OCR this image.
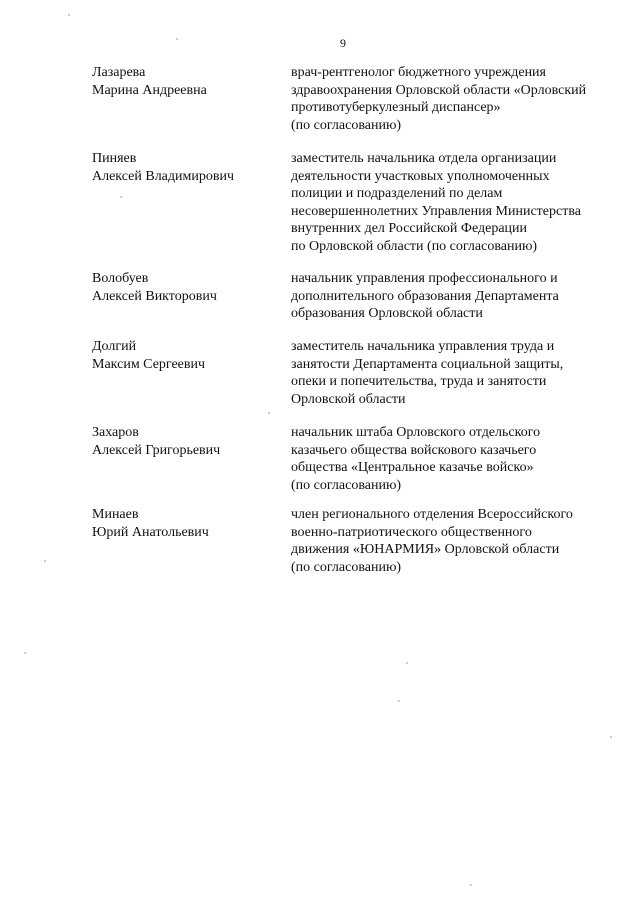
9
Лазарева
Марина Андреевна
врач-рентгенолог бюджетного учреждения
здравоохранения Орловской области «Орловский
противотуберкулезный диспансер»
(по согласованию)
Пиняев
Алексей Владимирович
заместитель начальника отдела организации
деятельности участковых уполномоченных
полиции и подразделений по делам
несовершеннолетних Управления Министерства
внутренних дел Российской Федерации
по Орловской области (по согласованию)
Волобуев
Алексей Викторович
начальник управления профессионального и
дополнительного образования Департамента
образования Орловской области
Долгий
Максим Сергеевич
заместитель начальника управления труда и
занятости Департамента социальной защиты,
опеки и попечительства, труда и занятости
Орловской области
Захаров
Алексей Григорьевич
начальник штаба Орловского отдельского
казачьего общества войскового казачьего
общества «Центральное казачье войско»
(по согласованию)
Минаев
Юрий Анатольевич
член регионального отделения Всероссийского
военно-патриотического общественного
движения «ЮНАРМИЯ» Орловской области
(по согласованию)
